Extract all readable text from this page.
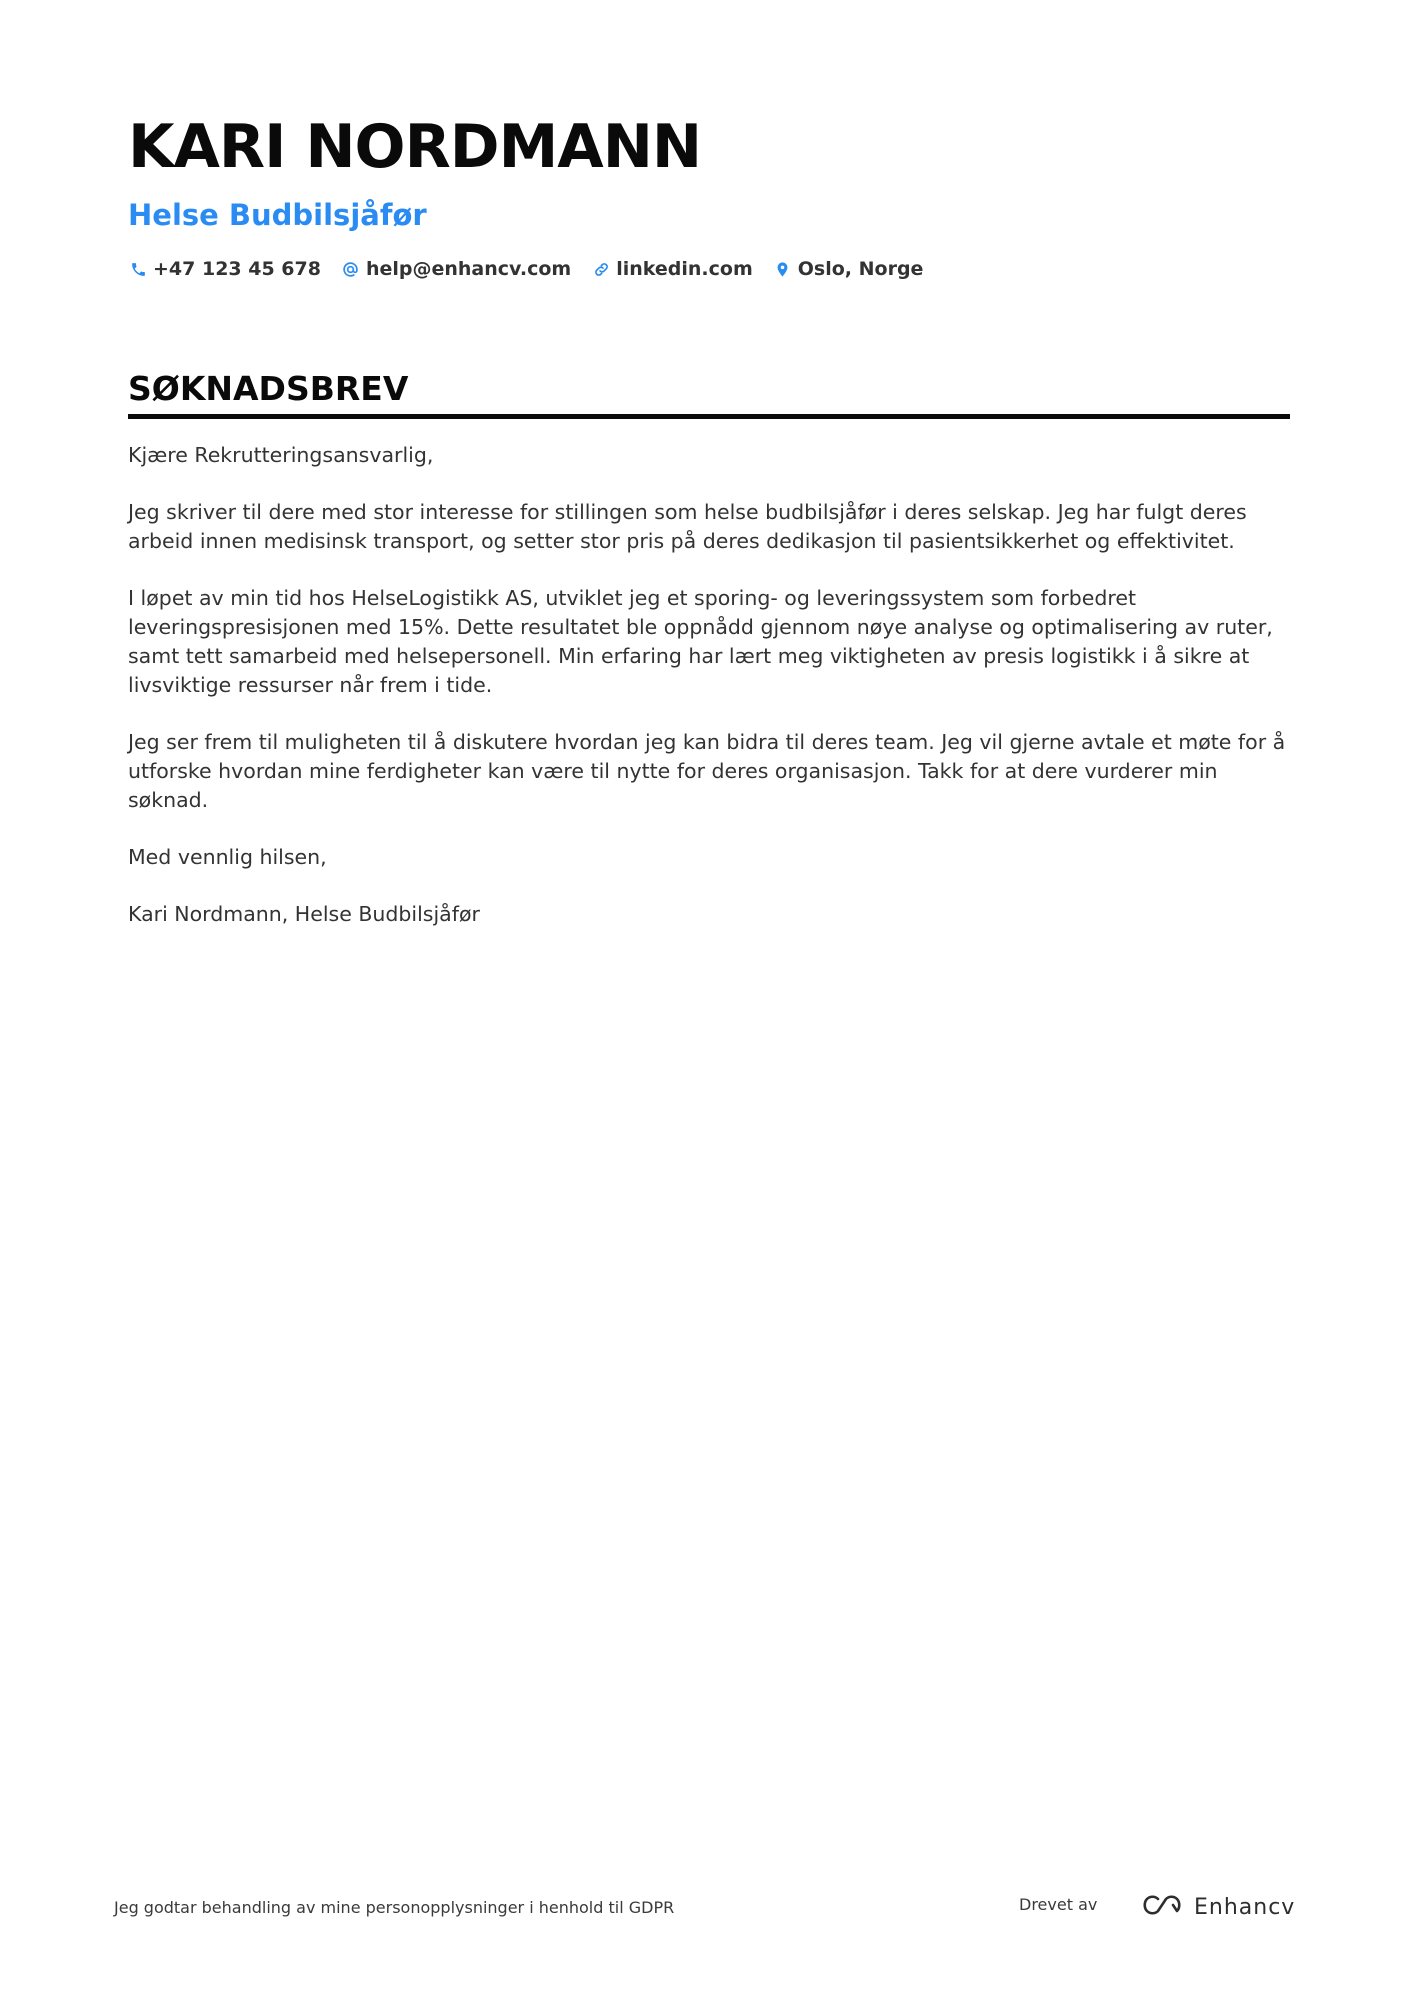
KARI NORDMANN
Helse Budbilsjåfør
+47 123 45 678 help@enhancv.com linkedin.com Oslo, Norge
SØKNADSBREV

Kjære Rekrutteringsansvarlig,

Jeg skriver til dere med stor interesse for stillingen som helse budbilsjåfør i deres selskap. Jeg har fulgt deres arbeid innen medisinsk transport, og setter stor pris på deres dedikasjon til pasientsikkerhet og effektivitet.

I løpet av min tid hos HelseLogistikk AS, utviklet jeg et sporing- og leveringssystem som forbedret leveringspresisjonen med 15%. Dette resultatet ble oppnådd gjennom nøye analyse og optimalisering av ruter, samt tett samarbeid med helsepersonell. Min erfaring har lært meg viktigheten av presis logistikk i å sikre at livsviktige ressurser når frem i tide.

Jeg ser frem til muligheten til å diskutere hvordan jeg kan bidra til deres team. Jeg vil gjerne avtale et møte for å utforske hvordan mine ferdigheter kan være til nytte for deres organisasjon. Takk for at dere vurderer min søknad.

Med vennlig hilsen,

Kari Nordmann, Helse Budbilsjåfør

Jeg godtar behandling av mine personopplysninger i henhold til GDPR	Drevet av	Enhancv
